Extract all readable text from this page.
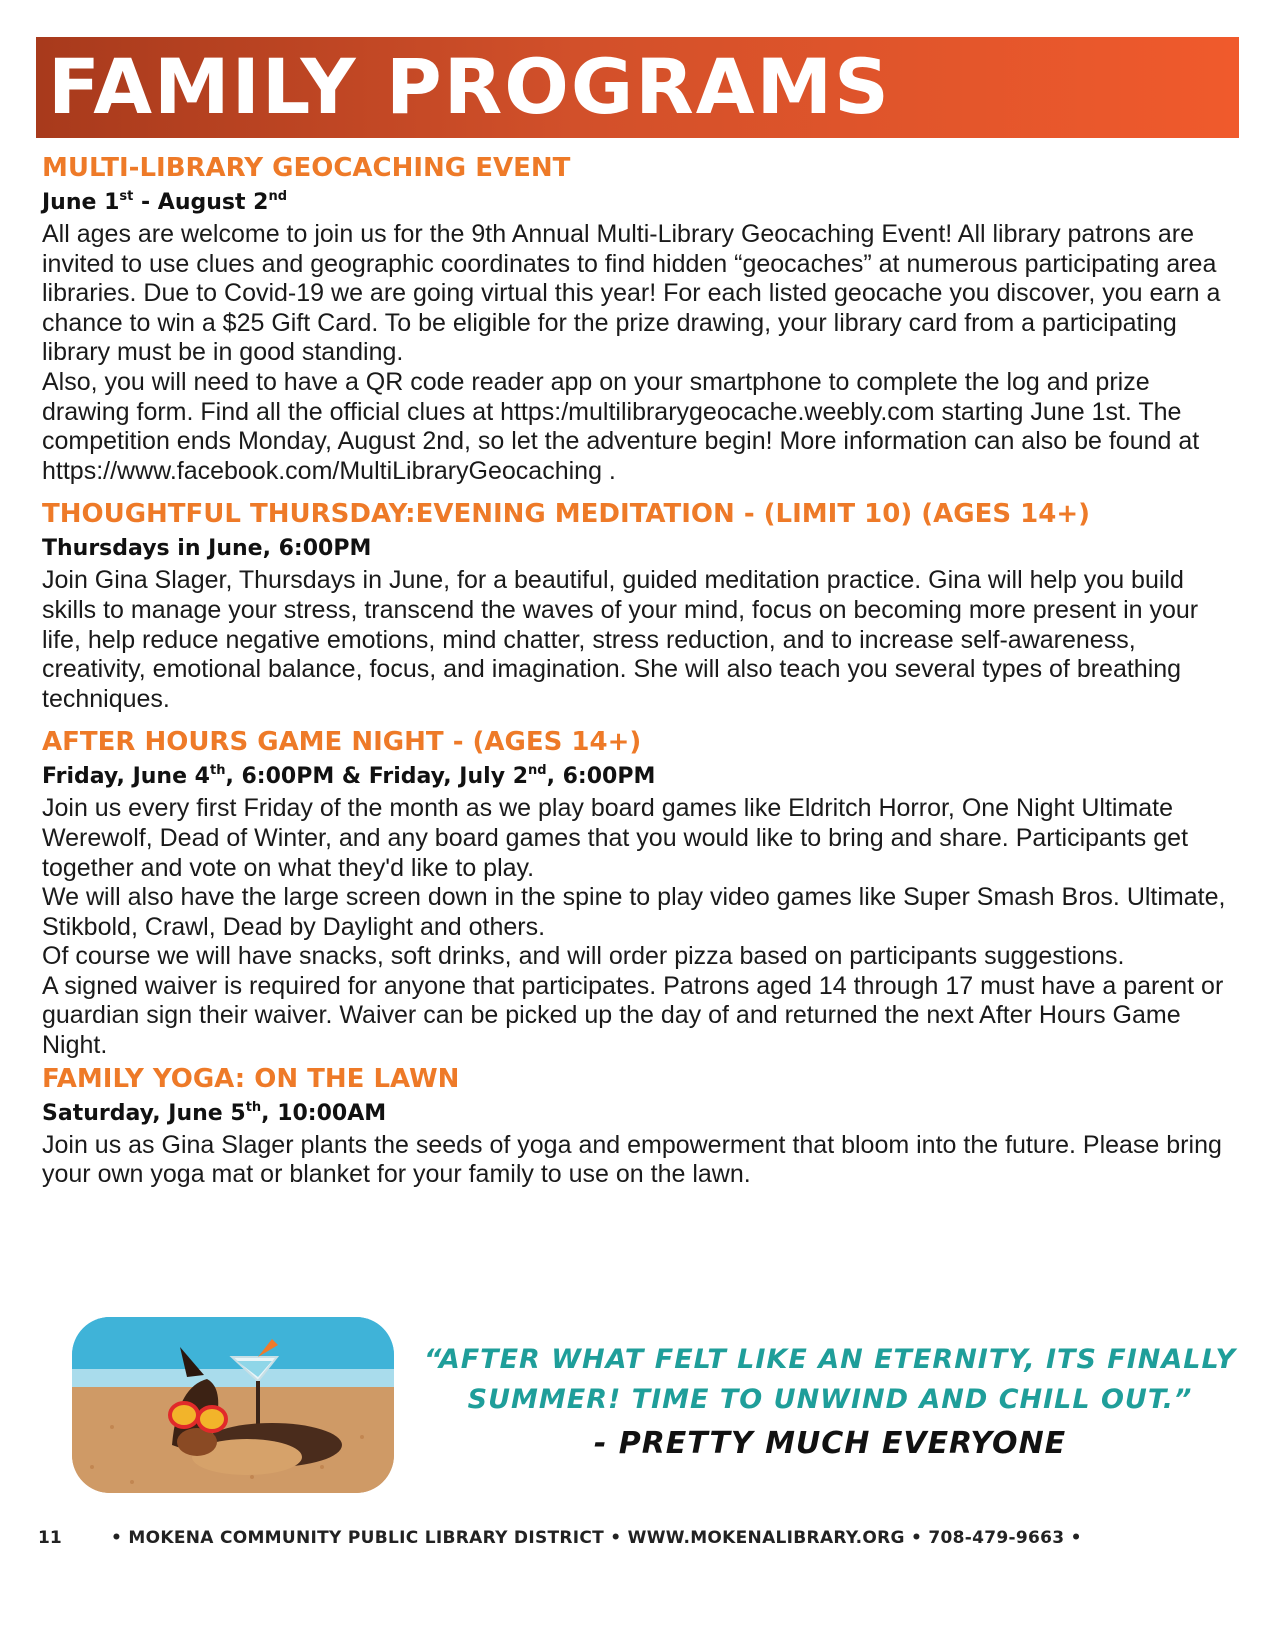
FAMILY PROGRAMS
MULTI-LIBRARY GEOCACHING EVENT
June 1st - August 2nd

All ages are welcome to join us for the 9th Annual Multi-Library Geocaching Event! All library patrons are invited to use clues and geographic coordinates to find hidden “geocaches” at numerous participating area libraries. Due to Covid-19 we are going virtual this year! For each listed geocache you discover, you earn a chance to win a $25 Gift Card. To be eligible for the prize drawing, your library card from a participating library must be in good standing.

Also, you will need to have a QR code reader app on your smartphone to complete the log and prize drawing form. Find all the official clues at https:/multilibrarygeocache.weebly.com starting June 1st. The competition ends Monday, August 2nd, so let the adventure begin! More information can also be found at https://www.facebook.com/MultiLibraryGeocaching .

THOUGHTFUL THURSDAY:EVENING MEDITATION - (LIMIT 10) (AGES 14+)
Thursdays in June, 6:00PM

Join Gina Slager, Thursdays in June, for a beautiful, guided meditation practice. Gina will help you build skills to manage your stress, transcend the waves of your mind, focus on becoming more present in your life, help reduce negative emotions, mind chatter, stress reduction, and to increase self-awareness, creativity, emotional balance, focus, and imagination. She will also teach you several types of breathing techniques.

AFTER HOURS GAME NIGHT - (AGES 14+)
Friday, June 4th, 6:00PM & Friday, July 2nd, 6:00PM

Join us every first Friday of the month as we play board games like Eldritch Horror, One Night Ultimate Werewolf, Dead of Winter, and any board games that you would like to bring and share. Participants get together and vote on what they'd like to play.

We will also have the large screen down in the spine to play video games like Super Smash Bros. Ultimate, Stikbold, Crawl, Dead by Daylight and others.

Of course we will have snacks, soft drinks, and will order pizza based on participants suggestions.

A signed waiver is required for anyone that participates. Patrons aged 14 through 17 must have a parent or guardian sign their waiver. Waiver can be picked up the day of and returned the next After Hours Game Night.

FAMILY YOGA: ON THE LAWN
Saturday, June 5th, 10:00AM

Join us as Gina Slager plants the seeds of yoga and empowerment that bloom into the future. Please bring your own yoga mat or blanket for your family to use on the lawn.

“AFTER WHAT FELT LIKE AN ETERNITY, ITS FINALLY

SUMMER! TIME TO UNWIND AND CHILL OUT.”

- PRETTY MUCH EVERYONE

11	• MOKENA COMMUNITY PUBLIC LIBRARY DISTRICT • WWW.MOKENALIBRARY.ORG • 708-479-9663 •
